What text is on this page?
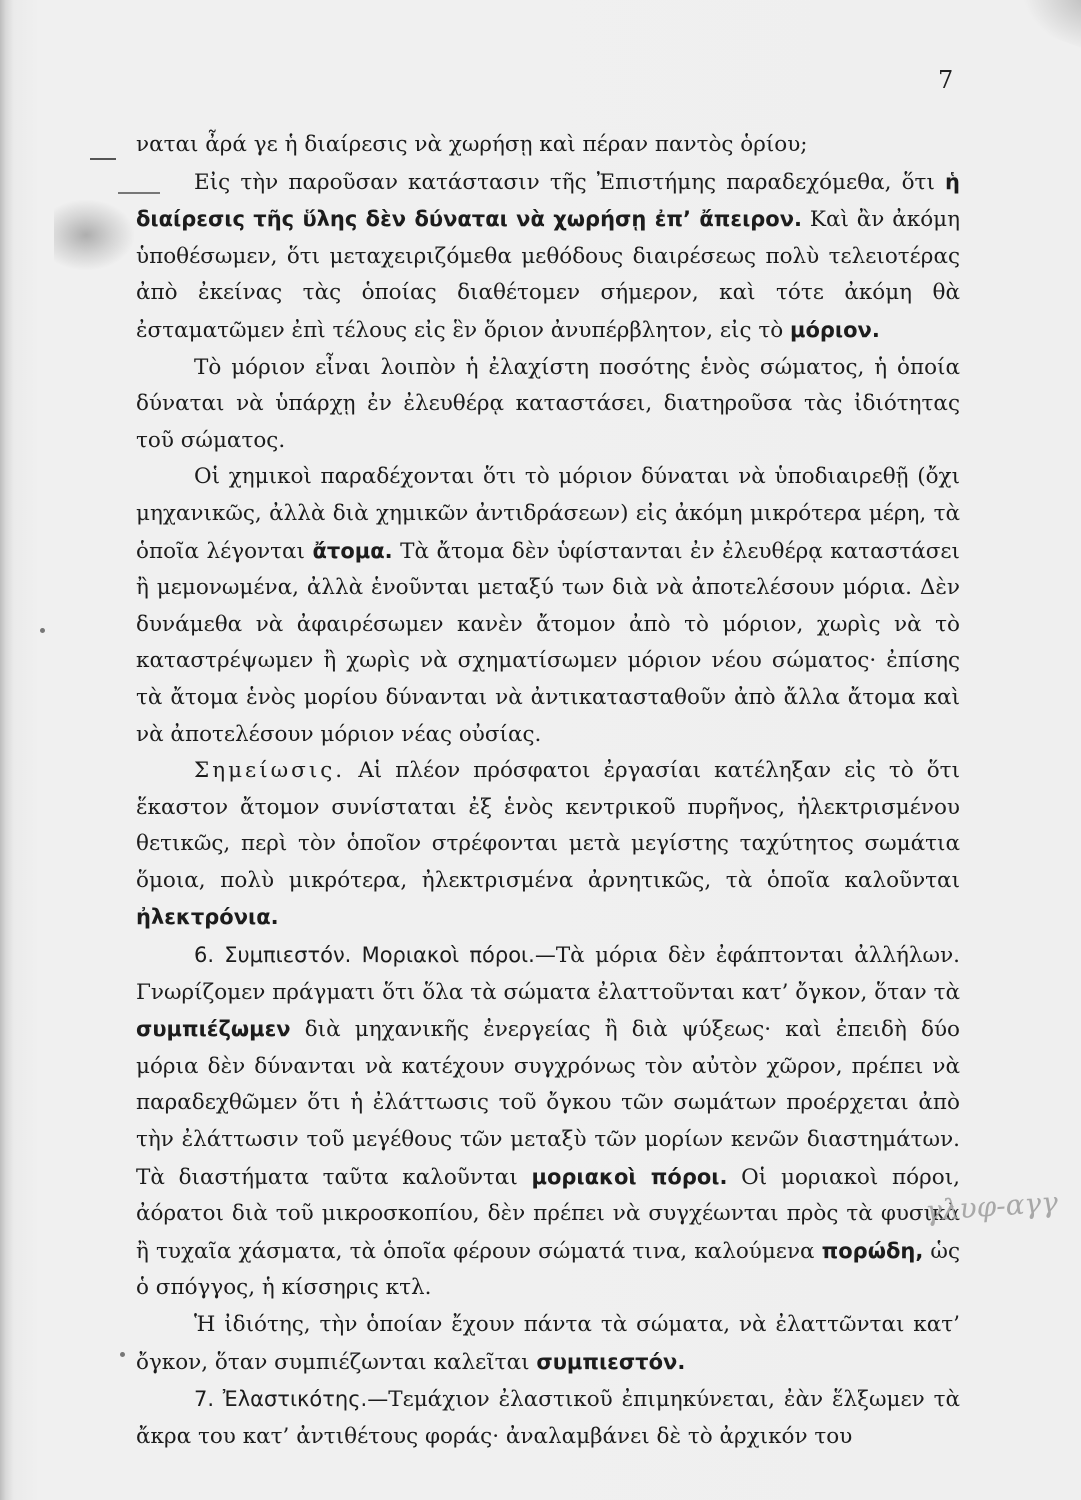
7

ναται ἆρά γε ἡ διαίρεσις νὰ χωρήσῃ καὶ πέραν παντὸς ὁρίου;

Εἰς τὴν παροῦσαν κατάστασιν τῆς Ἐπιστήμης παραδεχόμεθα, ὅτι ἡ διαίρεσις τῆς ὕλης δὲν δύναται νὰ χωρήσῃ ἐπ’ ἄπειρον. Καὶ ἂν ἀκόμη ὑποθέσωμεν, ὅτι μεταχειριζόμεθα μεθόδους διαιρέσεως πολὺ τελειοτέρας ἀπὸ ἐκείνας τὰς ὁποίας διαθέτομεν σήμερον, καὶ τότε ἀκόμη θὰ ἐσταματῶμεν ἐπὶ τέλους εἰς ἓν ὅριον ἀνυπέρβλητον, εἰς τὸ μόριον.

Τὸ μόριον εἶναι λοιπὸν ἡ ἐλαχίστη ποσότης ἑνὸς σώματος, ἡ ὁποία δύναται νὰ ὑπάρχῃ ἐν ἐλευθέρᾳ καταστάσει, διατηροῦσα τὰς ἰδιότητας τοῦ σώματος.

Οἱ χημικοὶ παραδέχονται ὅτι τὸ μόριον δύναται νὰ ὑποδιαιρεθῇ (ὄχι μηχανικῶς, ἀλλὰ διὰ χημικῶν ἀντιδράσεων) εἰς ἀκόμη μικρότερα μέρη, τὰ ὁποῖα λέγονται ἄτομα. Τὰ ἄτομα δὲν ὑφίστανται ἐν ἐλευθέρᾳ καταστάσει ἢ μεμονωμένα, ἀλλὰ ἑνοῦνται μεταξύ των διὰ νὰ ἀποτελέσουν μόρια. Δὲν δυνάμεθα νὰ ἀφαιρέσωμεν κανὲν ἄτομον ἀπὸ τὸ μόριον, χωρὶς νὰ τὸ καταστρέψωμεν ἢ χωρὶς νὰ σχηματίσωμεν μόριον νέου σώματος· ἐπίσης τὰ ἄτομα ἑνὸς μορίου δύνανται νὰ ἀντικατασταθοῦν ἀπὸ ἄλλα ἄτομα καὶ νὰ ἀποτελέσουν μόριον νέας οὐσίας.

Σημείωσις. Αἱ πλέον πρόσφατοι ἐργασίαι κατέληξαν εἰς τὸ ὅτι ἕκαστον ἄτομον συνίσταται ἐξ ἑνὸς κεντρικοῦ πυρῆνος, ἠλεκτρισμένου θετικῶς, περὶ τὸν ὁποῖον στρέφονται μετὰ μεγίστης ταχύτητος σωμάτια ὅμοια, πολὺ μικρότερα, ἠλεκτρισμένα ἀρνητικῶς, τὰ ὁποῖα καλοῦνται ἠλεκτρόνια.

6. Συμπιεστόν. Μοριακοὶ πόροι.—Τὰ μόρια δὲν ἐφάπτονται ἀλλήλων. Γνωρίζομεν πράγματι ὅτι ὅλα τὰ σώματα ἐλαττοῦνται κατ’ ὄγκον, ὅταν τὰ συμπιέζωμεν διὰ μηχανικῆς ἐνεργείας ἢ διὰ ψύξεως· καὶ ἐπειδὴ δύο μόρια δὲν δύνανται νὰ κατέχουν συγχρόνως τὸν αὐτὸν χῶρον, πρέπει νὰ παραδεχθῶμεν ὅτι ἡ ἐλάττωσις τοῦ ὄγκου τῶν σωμάτων προέρχεται ἀπὸ τὴν ἐλάττωσιν τοῦ μεγέθους τῶν μεταξὺ τῶν μορίων κενῶν διαστημάτων. Τὰ διαστήματα ταῦτα καλοῦνται μοριακοὶ πόροι. Οἱ μοριακοὶ πόροι, ἀόρατοι διὰ τοῦ μικροσκοπίου, δὲν πρέπει νὰ συγχέωνται πρὸς τὰ φυσικὰ ἢ τυχαῖα χάσματα, τὰ ὁποῖα φέρουν σώματά τινα, καλούμενα πορώδη, ὡς ὁ σπόγγος, ἡ κίσσηρις κτλ.

Ἡ ἰδιότης, τὴν ὁποίαν ἔχουν πάντα τὰ σώματα, νὰ ἐλαττῶνται κατ’ ὄγκον, ὅταν συμπιέζωνται καλεῖται συμπιεστόν.

7. Ἐλαστικότης.—Τεμάχιον ἐλαστικοῦ ἐπιμηκύνεται, ἐὰν ἕλξωμεν τὰ ἄκρα του κατ’ ἀντιθέτους φοράς· ἀναλαμβάνει δὲ τὸ ἀρχικόν του

γλυφ-αγγ
